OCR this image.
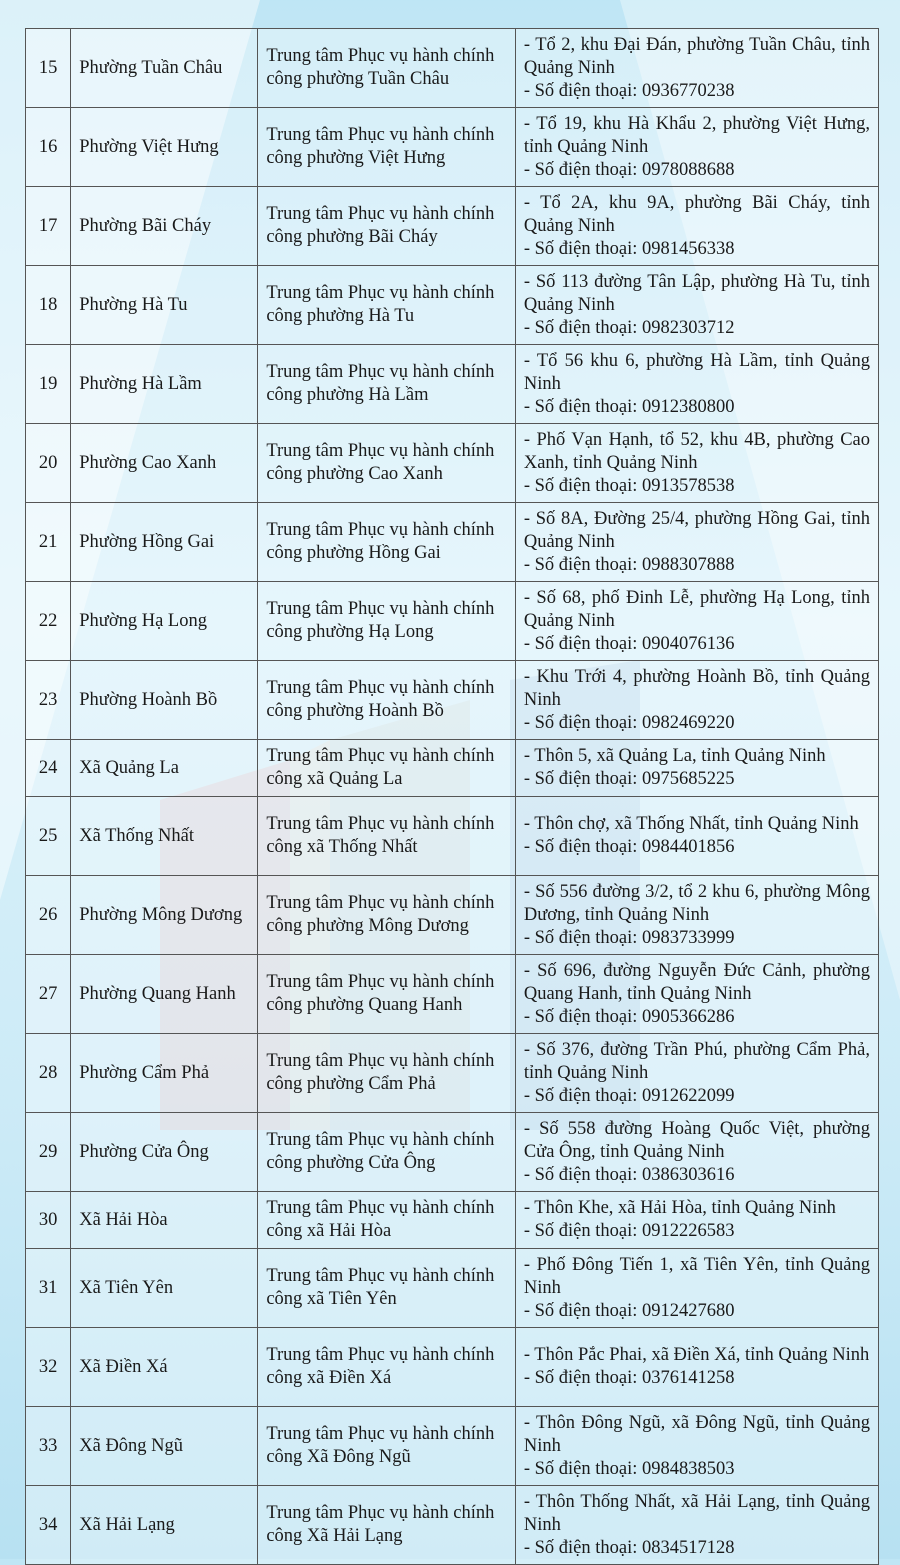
15	Phường Tuần Châu	Trung tâm Phục vụ hành chính công phường Tuần Châu	- Tổ 2, khu Đại Đán, phường Tuần Châu, tỉnh Quảng Ninh
- Số điện thoại: 0936770238

16	Phường Việt Hưng	Trung tâm Phục vụ hành chính công phường Việt Hưng	- Tổ 19, khu Hà Khẩu 2, phường Việt Hưng, tỉnh Quảng Ninh
- Số điện thoại: 0978088688

17	Phường Bãi Cháy	Trung tâm Phục vụ hành chính công phường Bãi Cháy	- Tổ 2A, khu 9A, phường Bãi Cháy, tỉnh Quảng Ninh
- Số điện thoại: 0981456338

18	Phường Hà Tu	Trung tâm Phục vụ hành chính công phường Hà Tu	- Số 113 đường Tân Lập, phường Hà Tu, tỉnh Quảng Ninh
- Số điện thoại: 0982303712

19	Phường Hà Lầm	Trung tâm Phục vụ hành chính công phường Hà Lầm	- Tổ 56 khu 6, phường Hà Lầm, tỉnh Quảng Ninh
- Số điện thoại: 0912380800

20	Phường Cao Xanh	Trung tâm Phục vụ hành chính công phường Cao Xanh	- Phố Vạn Hạnh, tổ 52, khu 4B, phường Cao Xanh, tỉnh Quảng Ninh
- Số điện thoại: 0913578538

21	Phường Hồng Gai	Trung tâm Phục vụ hành chính công phường Hồng Gai	- Số 8A, Đường 25/4, phường Hồng Gai, tỉnh Quảng Ninh
- Số điện thoại: 0988307888

22	Phường Hạ Long	Trung tâm Phục vụ hành chính công phường Hạ Long	- Số 68, phố Đinh Lễ, phường Hạ Long, tỉnh Quảng Ninh
- Số điện thoại: 0904076136

23	Phường Hoành Bồ	Trung tâm Phục vụ hành chính công phường Hoành Bồ	- Khu Trới 4, phường Hoành Bồ, tỉnh Quảng Ninh
- Số điện thoại: 0982469220

24	Xã Quảng La	Trung tâm Phục vụ hành chính công xã Quảng La	- Thôn 5, xã Quảng La, tỉnh Quảng Ninh
- Số điện thoại: 0975685225

25	Xã Thống Nhất	Trung tâm Phục vụ hành chính công xã Thống Nhất	- Thôn chợ, xã Thống Nhất, tỉnh Quảng Ninh
- Số điện thoại: 0984401856

26	Phường Mông Dương	Trung tâm Phục vụ hành chính công phường Mông Dương	- Số 556 đường 3/2, tổ 2 khu 6, phường Mông Dương, tỉnh Quảng Ninh
- Số điện thoại: 0983733999

27	Phường Quang Hanh	Trung tâm Phục vụ hành chính công phường Quang Hanh	- Số 696, đường Nguyễn Đức Cảnh, phường Quang Hanh, tỉnh Quảng Ninh
- Số điện thoại: 0905366286

28	Phường Cẩm Phả	Trung tâm Phục vụ hành chính công phường Cẩm Phả	- Số 376, đường Trần Phú, phường Cẩm Phả, tỉnh Quảng Ninh
- Số điện thoại: 0912622099

29	Phường Cửa Ông	Trung tâm Phục vụ hành chính công phường Cửa Ông	- Số 558 đường Hoàng Quốc Việt, phường Cửa Ông, tỉnh Quảng Ninh
- Số điện thoại: 0386303616

30	Xã Hải Hòa	Trung tâm Phục vụ hành chính công xã Hải Hòa	- Thôn Khe, xã Hải Hòa, tỉnh Quảng Ninh
- Số điện thoại: 0912226583

31	Xã Tiên Yên	Trung tâm Phục vụ hành chính công xã Tiên Yên	- Phố Đông Tiến 1, xã Tiên Yên, tỉnh Quảng Ninh
- Số điện thoại: 0912427680

32	Xã Điền Xá	Trung tâm Phục vụ hành chính công xã Điền Xá	- Thôn Pắc Phai, xã Điền Xá, tỉnh Quảng Ninh
- Số điện thoại: 0376141258

33	Xã Đông Ngũ	Trung tâm Phục vụ hành chính công Xã Đông Ngũ	- Thôn Đông Ngũ, xã Đông Ngũ, tỉnh Quảng Ninh
- Số điện thoại: 0984838503

34	Xã Hải Lạng	Trung tâm Phục vụ hành chính công Xã Hải Lạng	- Thôn Thống Nhất, xã Hải Lạng, tỉnh Quảng Ninh
- Số điện thoại: 0834517128
